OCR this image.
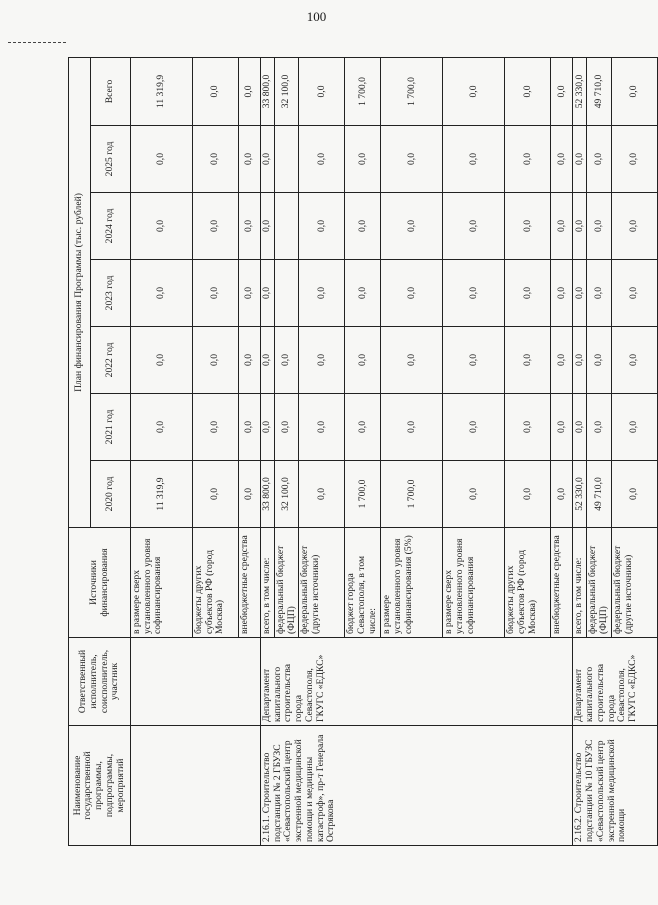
100
Наименование государственной программы, подпрограммы, мероприятий	Ответственный исполнитель, соисполнитель, участник	Источники финансирования	План финансирования Программы (тыс. рублей)						
			2020 год	2021 год	2022 год	2023 год	2024 год	2025 год	Всего
		в размере сверх установленного уровня софинансирования	11 319,9	0,0	0,0	0,0	0,0	0,0	11 319,9
		бюджеты других субъектов РФ (город Москва)	0,0	0,0	0,0	0,0	0,0	0,0	0,0
		внебюджетные средства	0,0	0,0	0,0	0,0	0,0	0,0	0,0
2.16.1. Строительство подстанции № 2 ГБУЗС «Севастопольский центр экстренной медицинской помощи и медицины катастроф», пр-т Генерала Острякова	Департамент капитального строительства города Севастополя, ГКУГС «ЕДКС»	всего, в том числе:	33 800,0	0,0	0,0	0,0	0,0	0,0	33 800,0
		федеральный бюджет (ФЦП)	32 100,0	0,0	0,0				32 100,0
		федеральный бюджет (другие источники)	0,0	0,0	0,0	0,0	0,0	0,0	0,0
		бюджет города Севастополя, в том числе:	1 700,0	0,0	0,0	0,0	0,0	0,0	1 700,0
		в размере установленного уровня софинансирования (5%)	1 700,0	0,0	0,0	0,0	0,0	0,0	1 700,0
		в размере сверх установленного уровня софинансирования	0,0	0,0	0,0	0,0	0,0	0,0	0,0
		бюджеты других субъектов РФ (город Москва)	0,0	0,0	0,0	0,0	0,0	0,0	0,0
		внебюджетные средства	0,0	0,0	0,0	0,0	0,0	0,0	0,0
2.16.2. Строительство подстанции № 10 ГБУЗС «Севастопольский центр экстренной медицинской помощи	Департамент капитального строительства города Севастополя, ГКУГС «ЕДКС»	всего, в том числе:	52 330,0	0,0	0,0	0,0	0,0	0,0	52 330,0
		федеральный бюджет (ФЦП)	49 710,0	0,0	0,0	0,0	0,0	0,0	49 710,0
		федеральный бюджет (другие источники)	0,0	0,0	0,0	0,0	0,0	0,0	0,0
